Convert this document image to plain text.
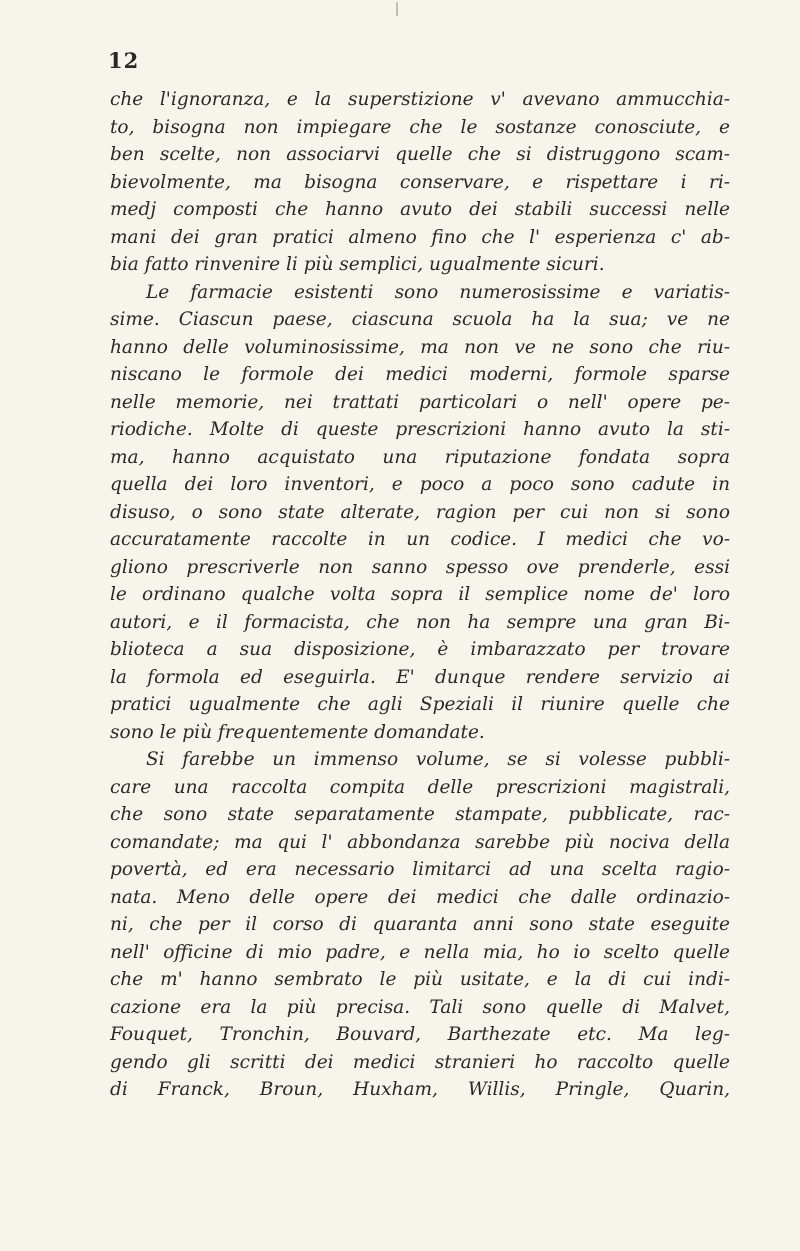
12
che l'ignoranza, e la superstizione v' avevano ammucchia-
to, bisogna non impiegare che le sostanze conosciute, e
ben scelte, non associarvi quelle che si distruggono scam-
bievolmente, ma bisogna conservare, e rispettare i ri-
medj composti che hanno avuto dei stabili successi nelle
mani dei gran pratici almeno fino che l' esperienza c' ab-
bia fatto rinvenire li più semplici, ugualmente sicuri.
Le farmacie esistenti sono numerosissime e variatis-
sime. Ciascun paese, ciascuna scuola ha la sua; ve ne
hanno delle voluminosissime, ma non ve ne sono che riu-
niscano le formole dei medici moderni, formole sparse
nelle memorie, nei trattati particolari o nell' opere pe-
riodiche. Molte di queste prescrizioni hanno avuto la sti-
ma, hanno acquistato una riputazione fondata sopra
quella dei loro inventori, e poco a poco sono cadute in
disuso, o sono state alterate, ragion per cui non si sono
accuratamente raccolte in un codice. I medici che vo-
gliono prescriverle non sanno spesso ove prenderle, essi
le ordinano qualche volta sopra il semplice nome de' loro
autori, e il formacista, che non ha sempre una gran Bi-
blioteca a sua disposizione, è imbarazzato per trovare
la formola ed eseguirla. E' dunque rendere servizio ai
pratici ugualmente che agli Speziali il riunire quelle che
sono le più frequentemente domandate.
Si farebbe un immenso volume, se si volesse pubbli-
care una raccolta compita delle prescrizioni magistrali,
che sono state separatamente stampate, pubblicate, rac-
comandate; ma qui l' abbondanza sarebbe più nociva della
povertà, ed era necessario limitarci ad una scelta ragio-
nata. Meno delle opere dei medici che dalle ordinazio-
ni, che per il corso di quaranta anni sono state eseguite
nell' officine di mio padre, e nella mia, ho io scelto quelle
che m' hanno sembrato le più usitate, e la di cui indi-
cazione era la più precisa. Tali sono quelle di Malvet,
Fouquet, Tronchin, Bouvard, Barthezate etc. Ma leg-
gendo gli scritti dei medici stranieri ho raccolto quelle
di Franck, Broun, Huxham, Willis, Pringle, Quarin,
